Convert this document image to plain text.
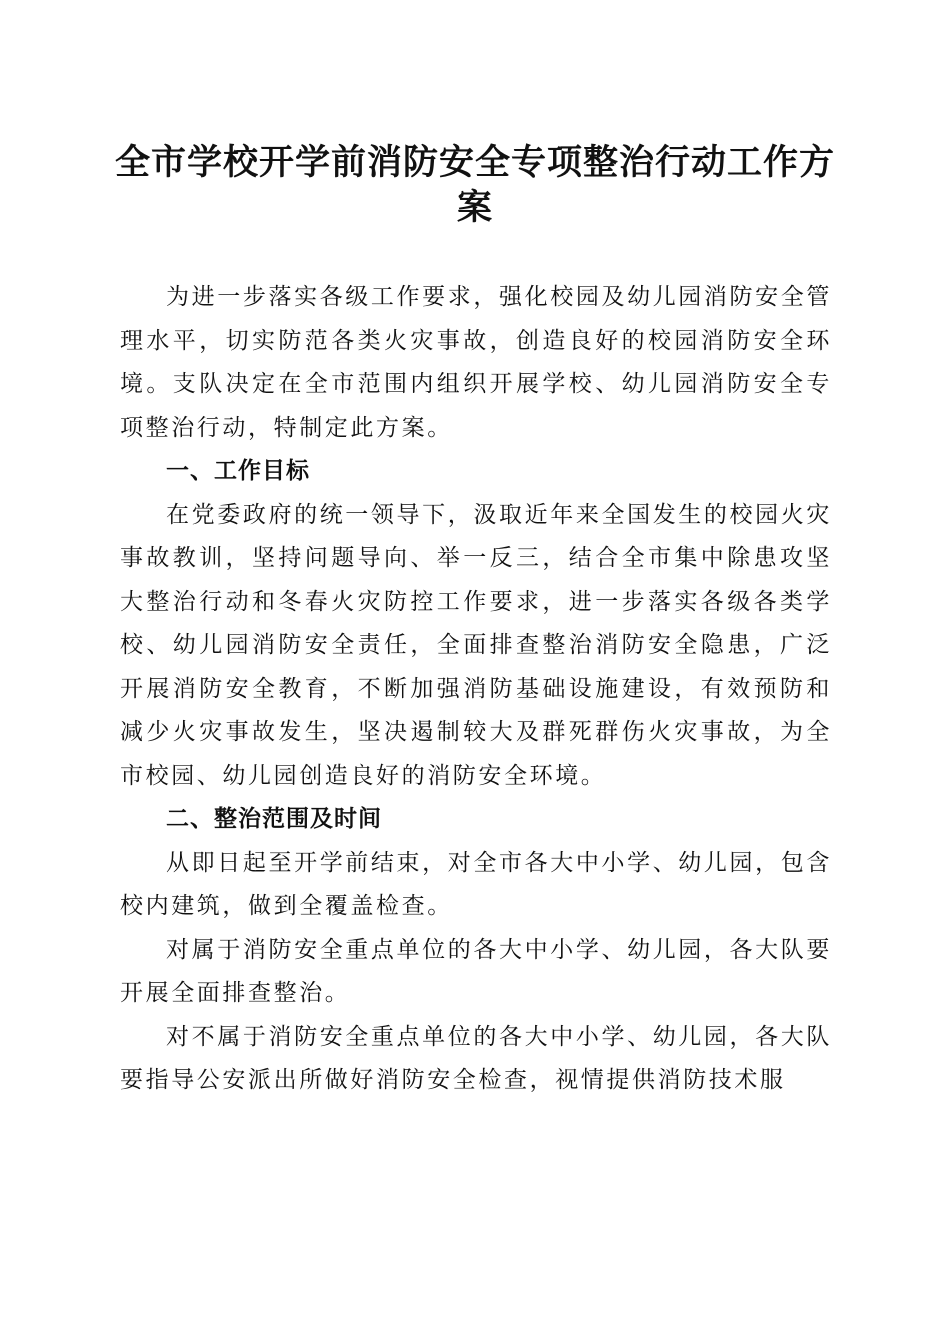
全市学校开学前消防安全专项整治行动工作方
案

为进一步落实各级工作要求，强化校园及幼儿园消防安全管理水平，切实防范各类火灾事故，创造良好的校园消防安全环境。支队决定在全市范围内组织开展学校、幼儿园消防安全专项整治行动，特制定此方案。

一、工作目标

在党委政府的统一领导下，汲取近年来全国发生的校园火灾事故教训，坚持问题导向、举一反三，结合全市集中除患攻坚大整治行动和冬春火灾防控工作要求，进一步落实各级各类学校、幼儿园消防安全责任，全面排查整治消防安全隐患，广泛开展消防安全教育，不断加强消防基础设施建设，有效预防和减少火灾事故发生，坚决遏制较大及群死群伤火灾事故，为全市校园、幼儿园创造良好的消防安全环境。

二、整治范围及时间

从即日起至开学前结束，对全市各大中小学、幼儿园，包含校内建筑，做到全覆盖检查。

对属于消防安全重点单位的各大中小学、幼儿园，各大队要开展全面排查整治。

对不属于消防安全重点单位的各大中小学、幼儿园，各大队要指导公安派出所做好消防安全检查，视情提供消防技术服
